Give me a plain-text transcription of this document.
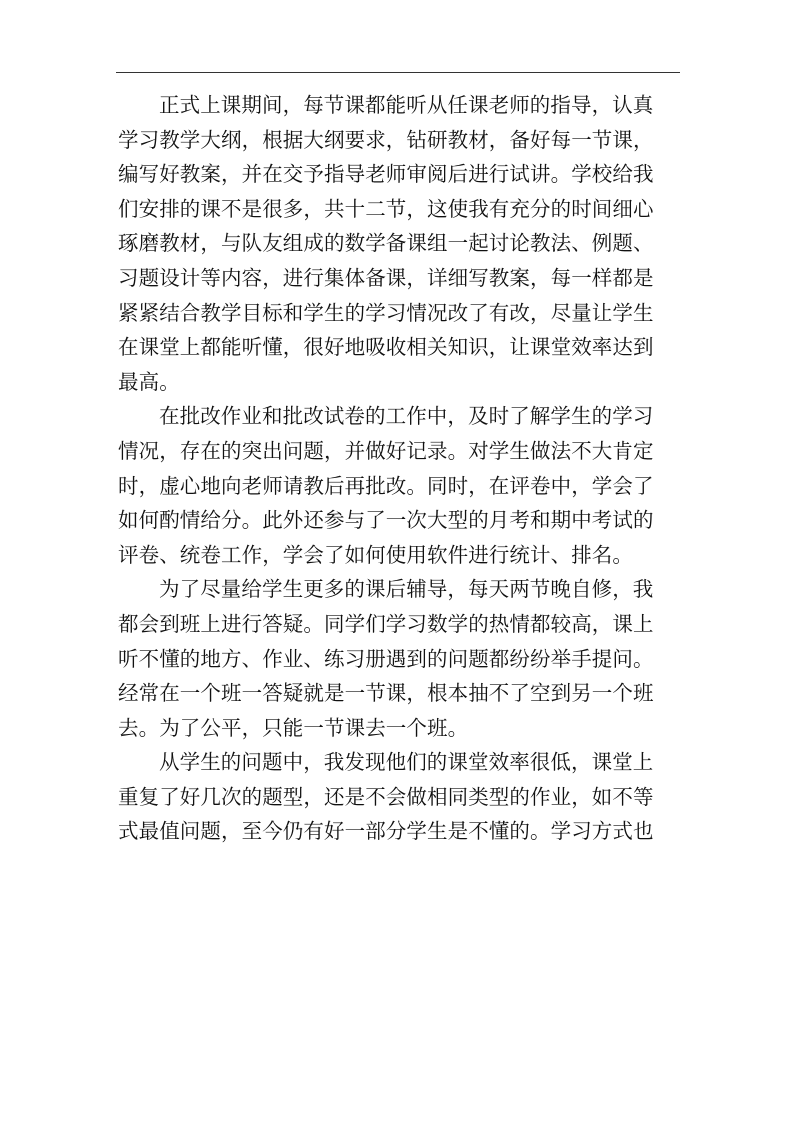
正式上课期间，每节课都能听从任课老师的指导，认真
学习教学大纲，根据大纲要求，钻研教材，备好每一节课，
编写好教案，并在交予指导老师审阅后进行试讲。学校给我
们安排的课不是很多，共十二节，这使我有充分的时间细心
琢磨教材，与队友组成的数学备课组一起讨论教法、例题、
习题设计等内容，进行集体备课，详细写教案，每一样都是
紧紧结合教学目标和学生的学习情况改了有改，尽量让学生
在课堂上都能听懂，很好地吸收相关知识，让课堂效率达到
最高。
在批改作业和批改试卷的工作中，及时了解学生的学习
情况，存在的突出问题，并做好记录。对学生做法不大肯定
时，虚心地向老师请教后再批改。同时，在评卷中，学会了
如何酌情给分。此外还参与了一次大型的月考和期中考试的
评卷、统卷工作，学会了如何使用软件进行统计、排名。
为了尽量给学生更多的课后辅导，每天两节晚自修，我
都会到班上进行答疑。同学们学习数学的热情都较高，课上
听不懂的地方、作业、练习册遇到的问题都纷纷举手提问。
经常在一个班一答疑就是一节课，根本抽不了空到另一个班
去。为了公平，只能一节课去一个班。
从学生的问题中，我发现他们的课堂效率很低，课堂上
重复了好几次的题型，还是不会做相同类型的作业，如不等
式最值问题，至今仍有好一部分学生是不懂的。学习方式也
